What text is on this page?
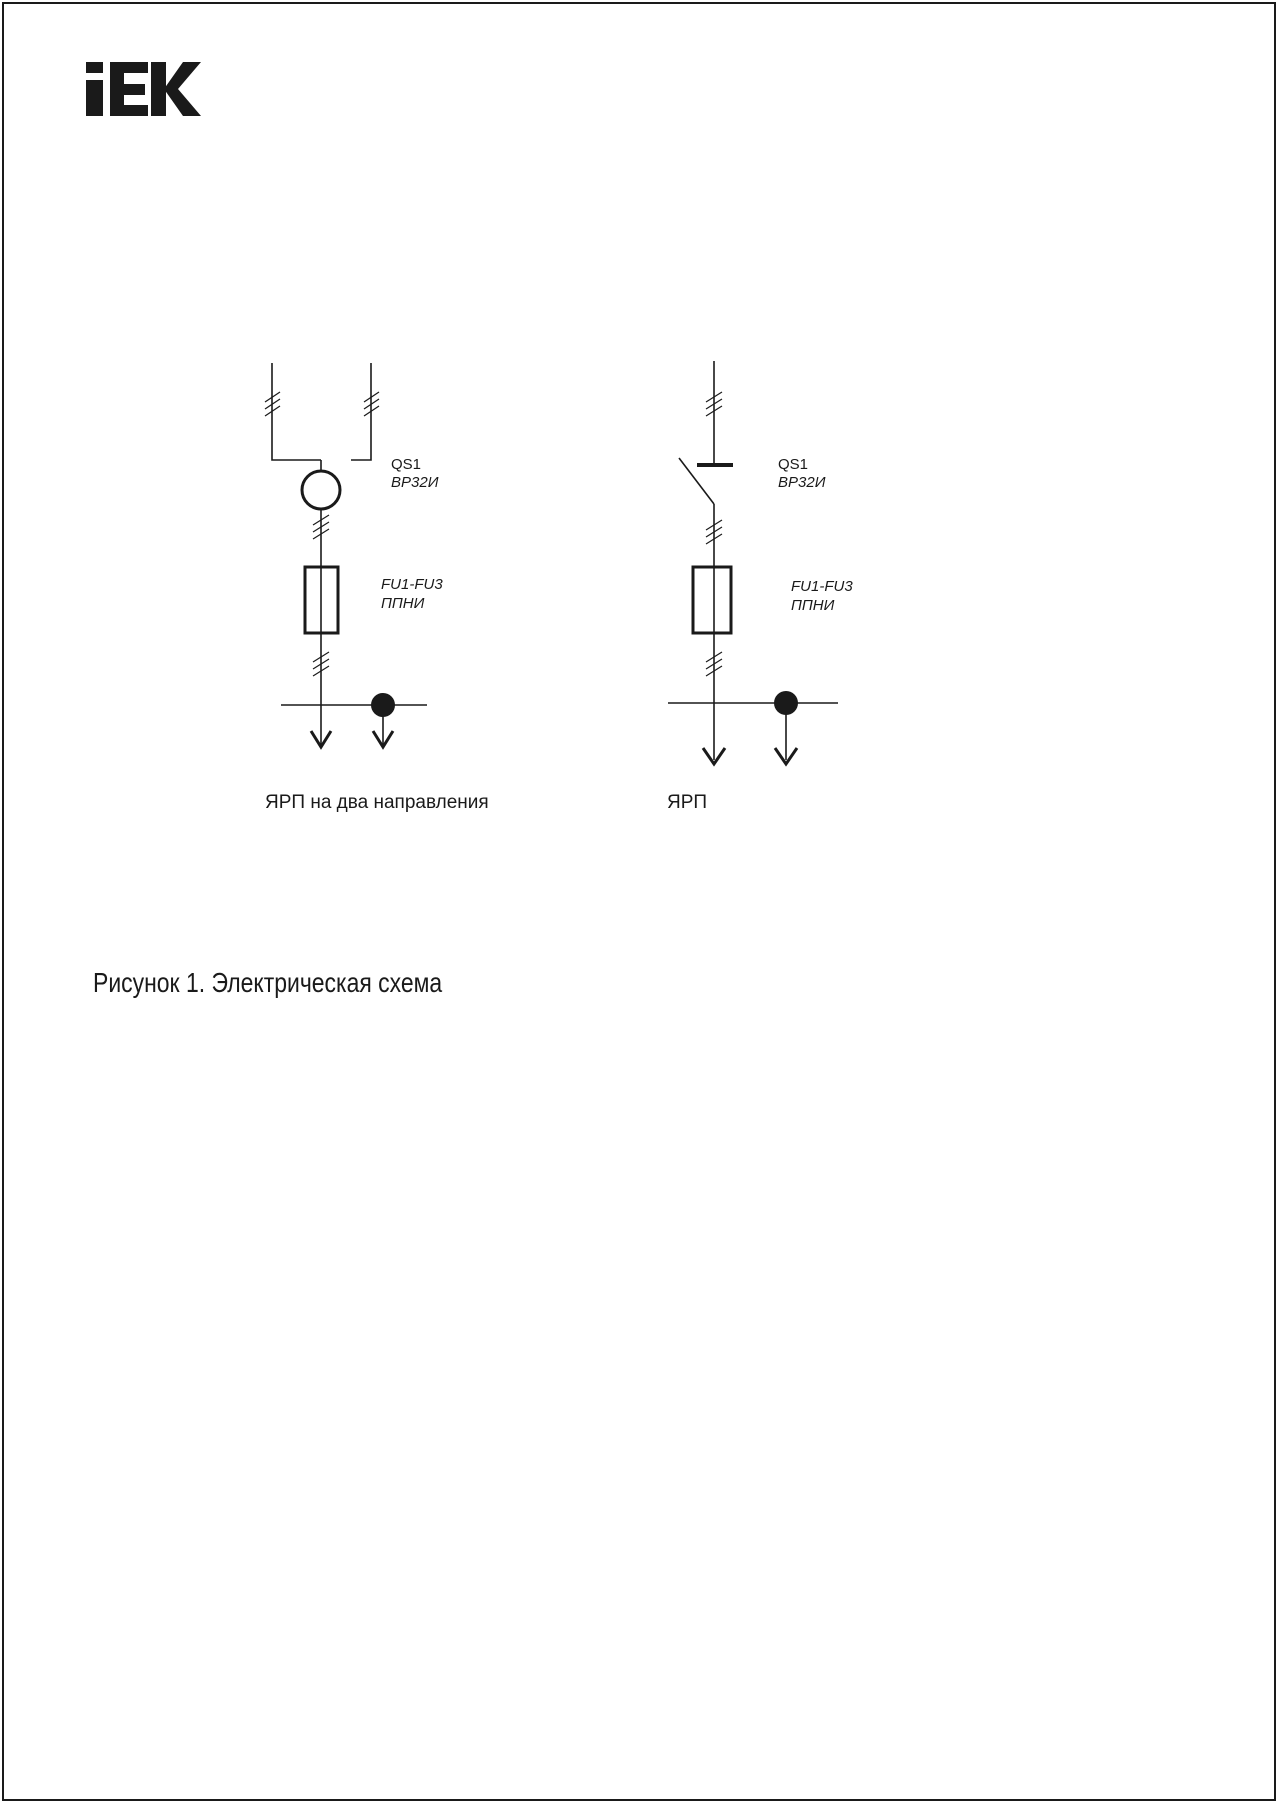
QS1
ВР32И
FU1-FU3
ППНИ
ЯРП на два направления
QS1
ВР32И
FU1-FU3
ППНИ
ЯРП
Рисунок 1. Электрическая схема
